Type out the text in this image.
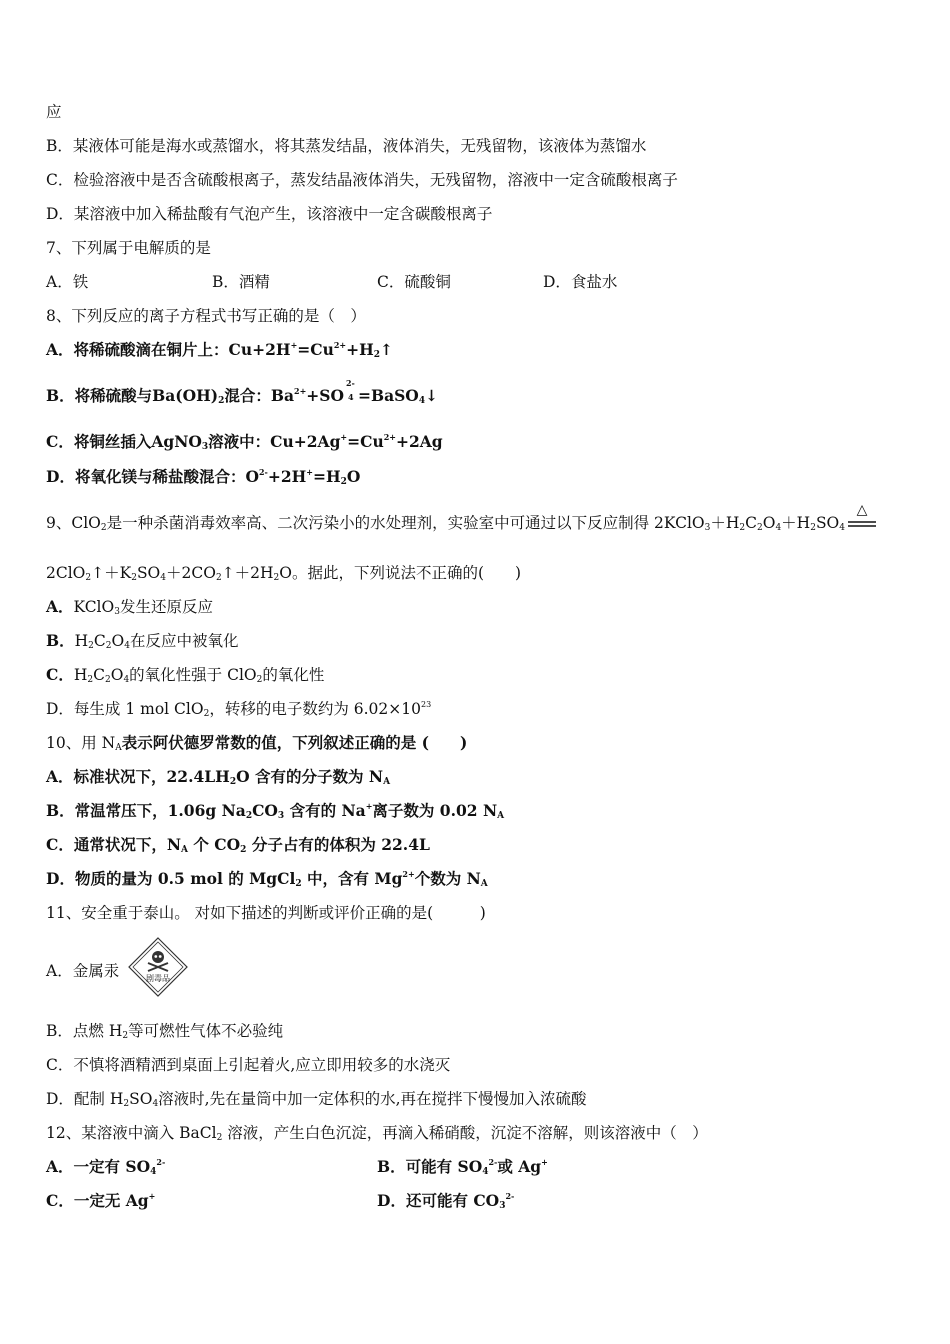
应
B．某液体可能是海水或蒸馏水，将其蒸发结晶，液体消失，无残留物，该液体为蒸馏水
C．检验溶液中是否含硫酸根离子，蒸发结晶液体消失，无残留物，溶液中一定含硫酸根离子
D．某溶液中加入稀盐酸有气泡产生，该溶液中一定含碳酸根离子
7、下列属于电解质的是
A．铁	B．酒精	C．硫酸铜	D．食盐水
8、下列反应的离子方程式书写正确的是（　）
A．将稀硫酸滴在铜片上：$Cu+2H^+=Cu^{2+}+H_2↑$
B．将稀硫酸与$Ba(OH)_2$混合：$Ba^{2+}+SO$
2-
4 =BaSO$_4$↓
C．将铜丝插入AgNO$_3$溶液中：$Cu+2Ag^+=Cu^{2+}+2Ag$
D．将氧化镁与稀盐酸混合：$O^{2-}+2H^+=H_2O$
9、ClO$_2$是一种杀菌消毒效率高、二次污染小的水处理剂，实验室中可通过以下反应制得 $2KClO_3+H_2C_2O_4+H_2SO_4$
△
$2ClO_2↑+K_2SO_4+2CO_2↑+2H_2O$。据此，下列说法不正确的(　　)
A．KClO$_3$发生还原反应
B．$H_2C_2O_4$在反应中被氧化
C．$H_2C_2O_4$的氧化性强于 ClO$_2$的氧化性
D．每生成 1 mol ClO$_2$，转移的电子数约为 $6.02\times 10^{23}$
10、用 $N_A$表示阿伏德罗常数的值，下列叙述正确的是 (　　)
A．标准状况下，$22.4LH_2O$ 含有的分子数为 $N_A$
B．常温常压下，1.06g $Na_2CO_3$ 含有的 Na+离子数为 0.02 $N_A$
C．通常状况下，$N_A$ 个 $CO_2$ 分子占有的体积为 22.4L
D．物质的量为 0.5 mol 的 MgCl$_2$ 中，含有 $Mg^{2+}$个数为 $N_A$
11、安全重于泰山。 对如下描述的判断或评价正确的是(　　　)
A．金属汞	剧毒品
B．点燃 $H_2$等可燃性气体不必验纯
C．不慎将酒精洒到桌面上引起着火,应立即用较多的水浇灭
D．配制 $H_2SO_4$溶液时,先在量筒中加一定体积的水,再在搅拌下慢慢加入浓硫酸
12、某溶液中滴入 BaCl$_2$ 溶液，产生白色沉淀，再滴入稀硝酸，沉淀不溶解，则该溶液中（　）
A．一定有 $SO_4^{2-}$	B．可能有 $SO_4^{2-}$或 Ag+
C．一定无 Ag+	D．还可能有 $CO_3^{2-}$
